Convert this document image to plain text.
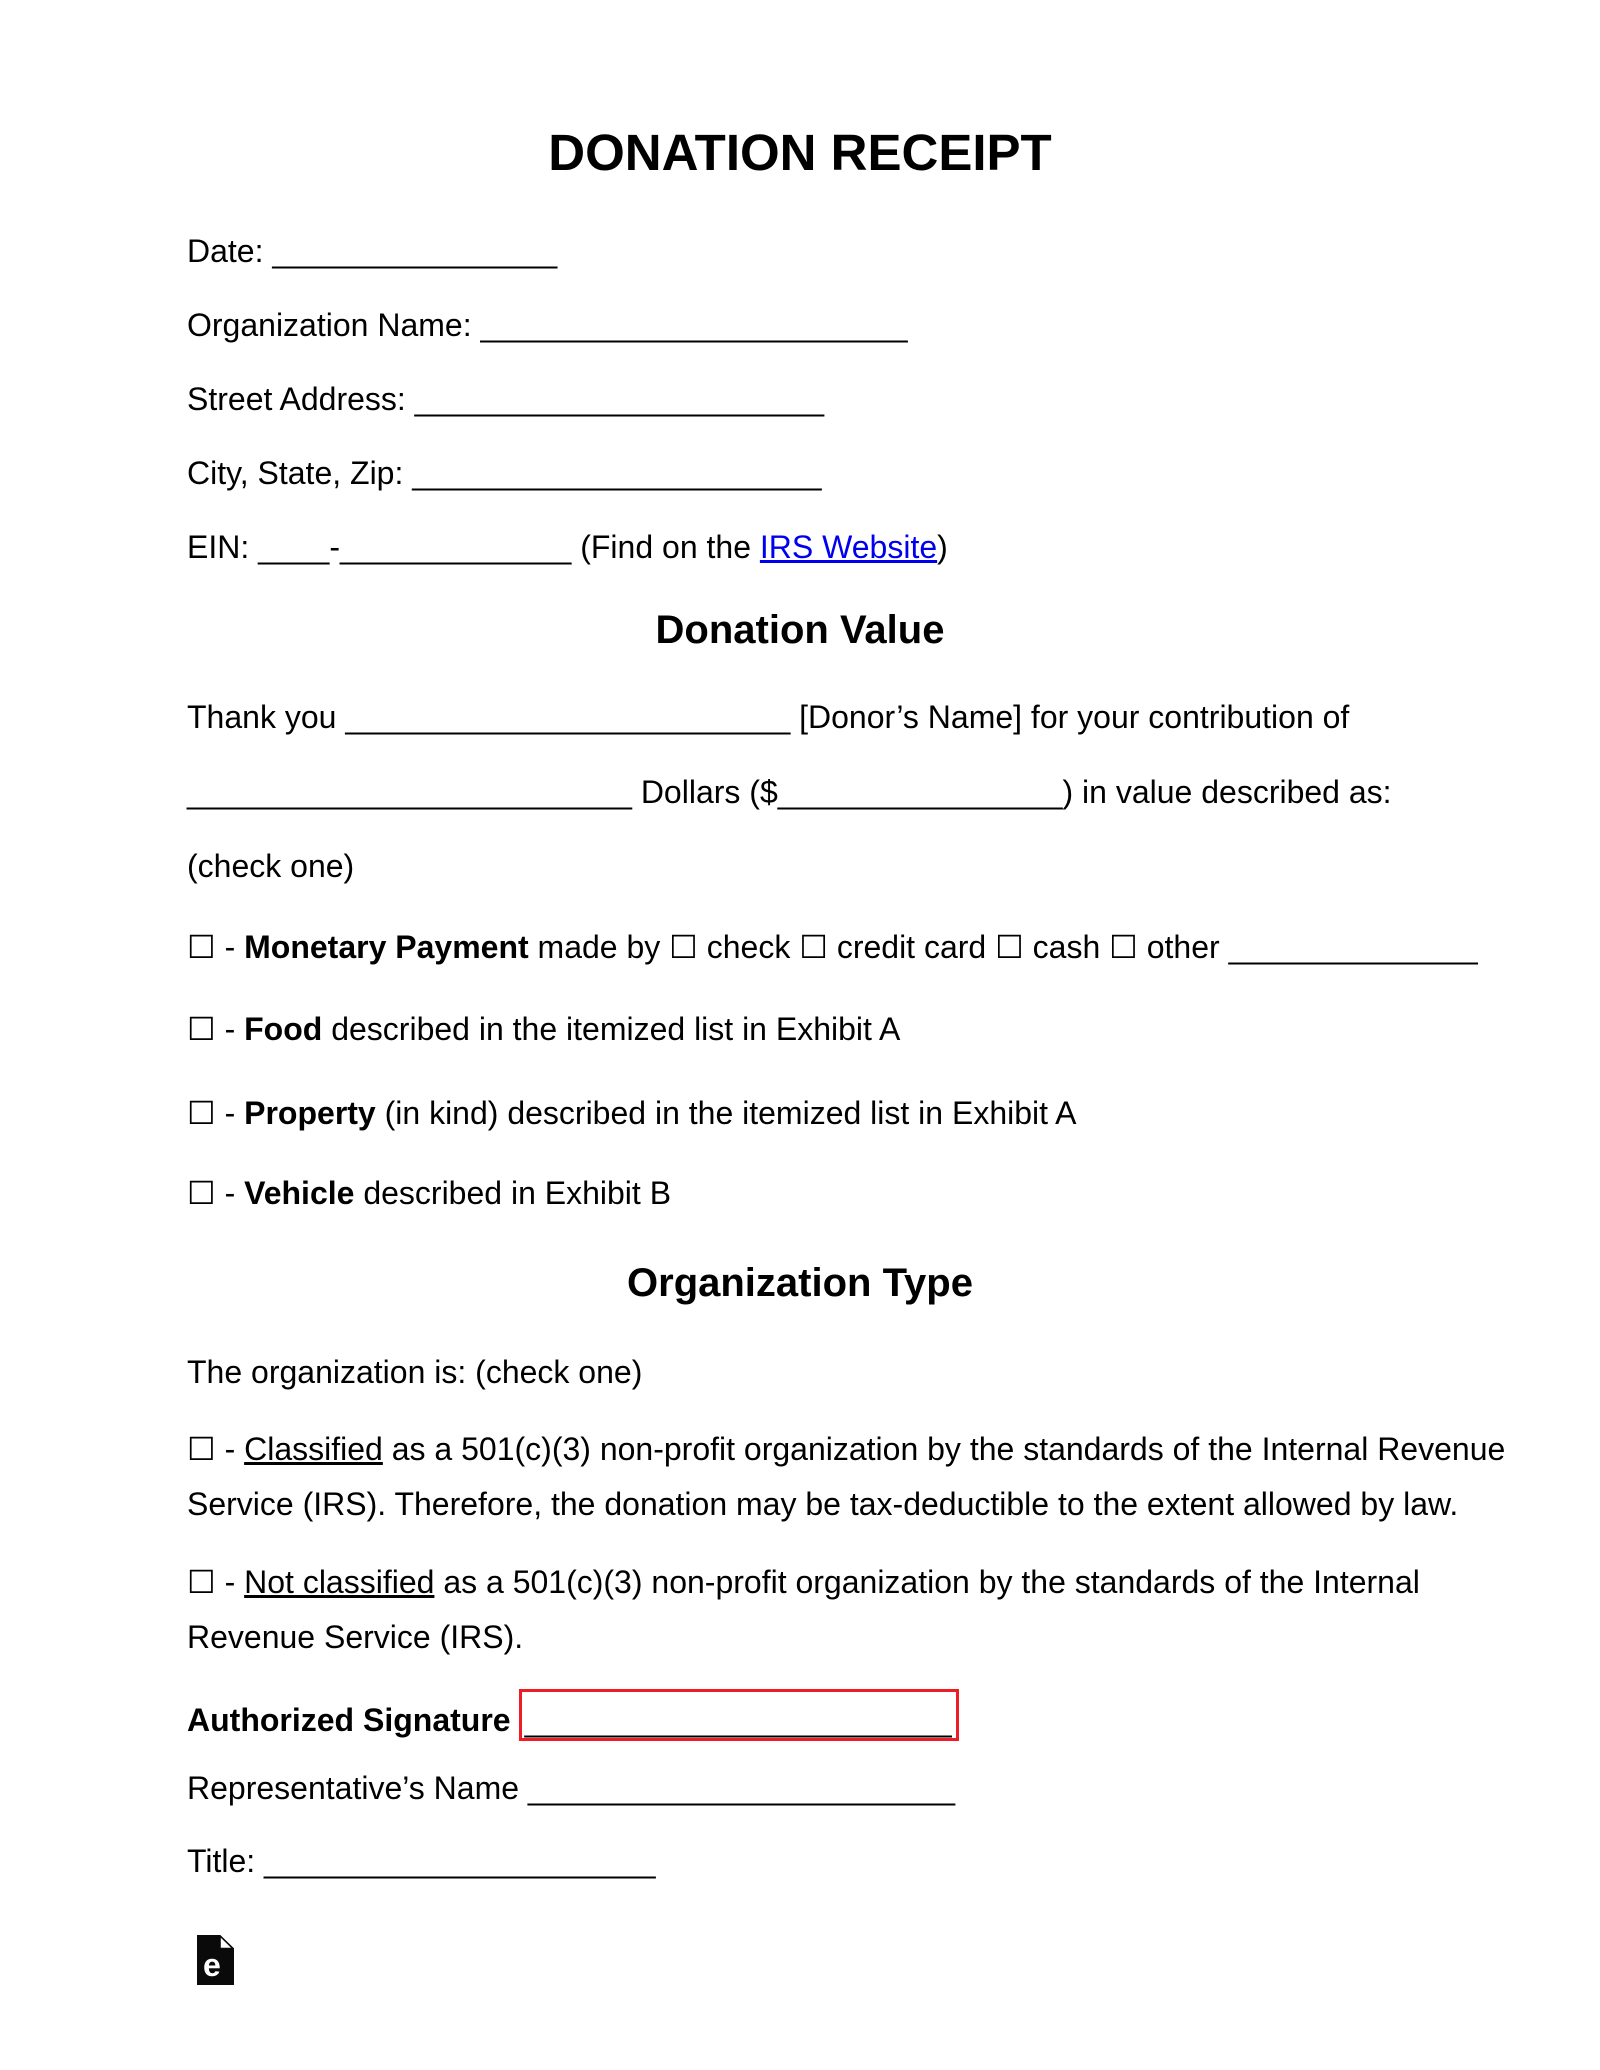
DONATION RECEIPT
Date: ________________
Organization Name: ________________________
Street Address: _______________________
City, State, Zip: _______________________
EIN: ____-_____________ (Find on the IRS Website)
Donation Value
Thank you _________________________ [Donor’s Name] for your contribution of
_________________________ Dollars ($________________) in value described as:
(check one)
☐ - Monetary Payment made by ☐ check ☐ credit card ☐ cash ☐ other ______________
☐ - Food described in the itemized list in Exhibit A
☐ - Property (in kind) described in the itemized list in Exhibit A
☐ - Vehicle described in Exhibit B
Organization Type
The organization is: (check one)
☐ - Classified as a 501(c)(3) non-profit organization by the standards of the Internal Revenue
Service (IRS). Therefore, the donation may be tax-deductible to the extent allowed by law.
☐ - Not classified as a 501(c)(3) non-profit organization by the standards of the Internal
Revenue Service (IRS).
Authorized Signature ________________________
Representative’s Name ________________________
Title: ______________________
e
